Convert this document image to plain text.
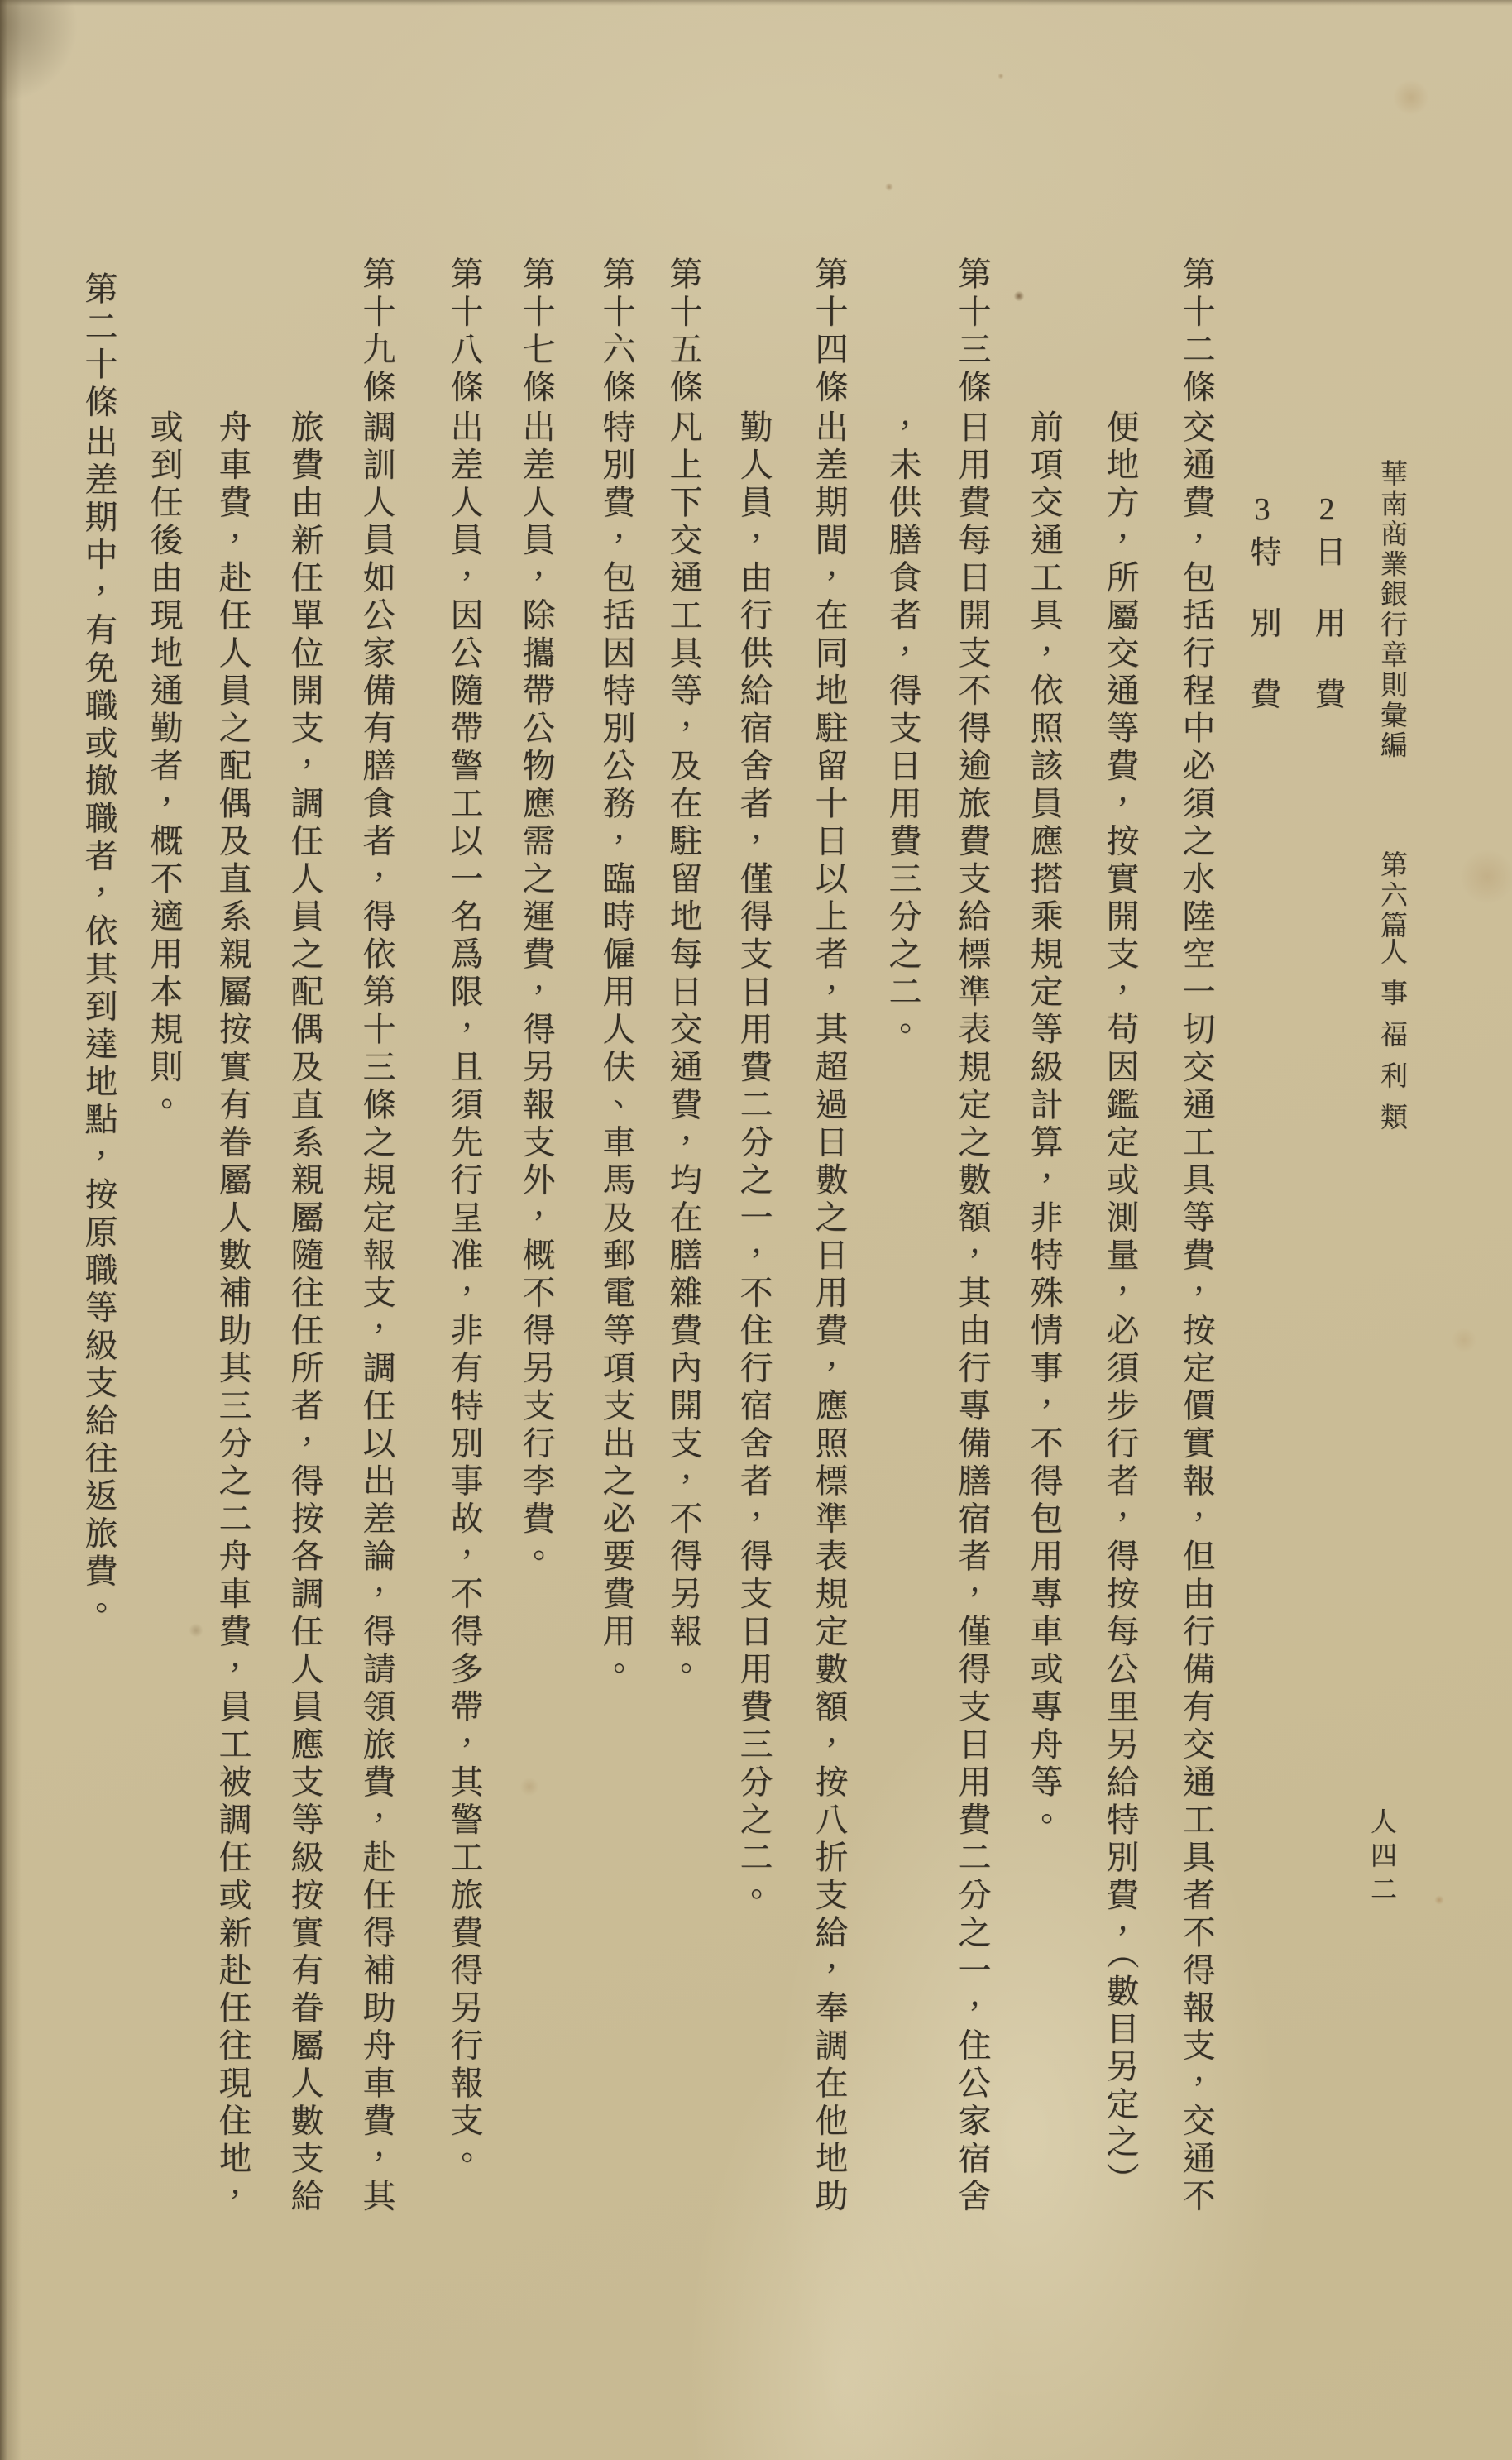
華南商業銀行章則彙編
第六篇
人事福利類
2日用費
3特別費
第十二條交通費，包括行程中必須之水陸空一切交通工具等費，按定價實報，但由行備有交通工具者不得報支，交通不
便地方，所屬交通等費，按實開支，苟因鑑定或測量，必須步行者，得按每公里另給特別費，（數目另定之）
前項交通工具，依照該員應搭乘規定等級計算，非特殊情事，不得包用專車或專舟等。
第十三條日用費每日開支不得逾旅費支給標準表規定之數額，其由行專備膳宿者，僅得支日用費二分之一，住公家宿舍
，未供膳食者，得支日用費三分之二。
第十四條出差期間，在同地駐留十日以上者，其超過日數之日用費，應照標準表規定數額，按八折支給，奉調在他地助
勤人員，由行供給宿舍者，僅得支日用費二分之一，不住行宿舍者，得支日用費三分之二。
第十五條凡上下交通工具等，及在駐留地每日交通費，均在膳雜費內開支，不得另報。
第十六條特別費，包括因特別公務，臨時僱用人伕、車馬及郵電等項支出之必要費用。
第十七條出差人員，除攜帶公物應需之運費，得另報支外，概不得另支行李費。
第十八條出差人員，因公隨帶警工以一名爲限，且須先行呈准，非有特別事故，不得多帶，其警工旅費得另行報支。
第十九條調訓人員如公家備有膳食者，得依第十三條之規定報支，調任以出差論，得請領旅費，赴任得補助舟車費，其
旅費由新任單位開支，調任人員之配偶及直系親屬隨往任所者，得按各調任人員應支等級按實有眷屬人數支給
舟車費，赴任人員之配偶及直系親屬按實有眷屬人數補助其三分之二舟車費，員工被調任或新赴任往現住地，
或到任後由現地通勤者，概不適用本規則。
第二十條出差期中，有免職或撤職者，依其到達地點，按原職等級支給往返旅費。
人四二
